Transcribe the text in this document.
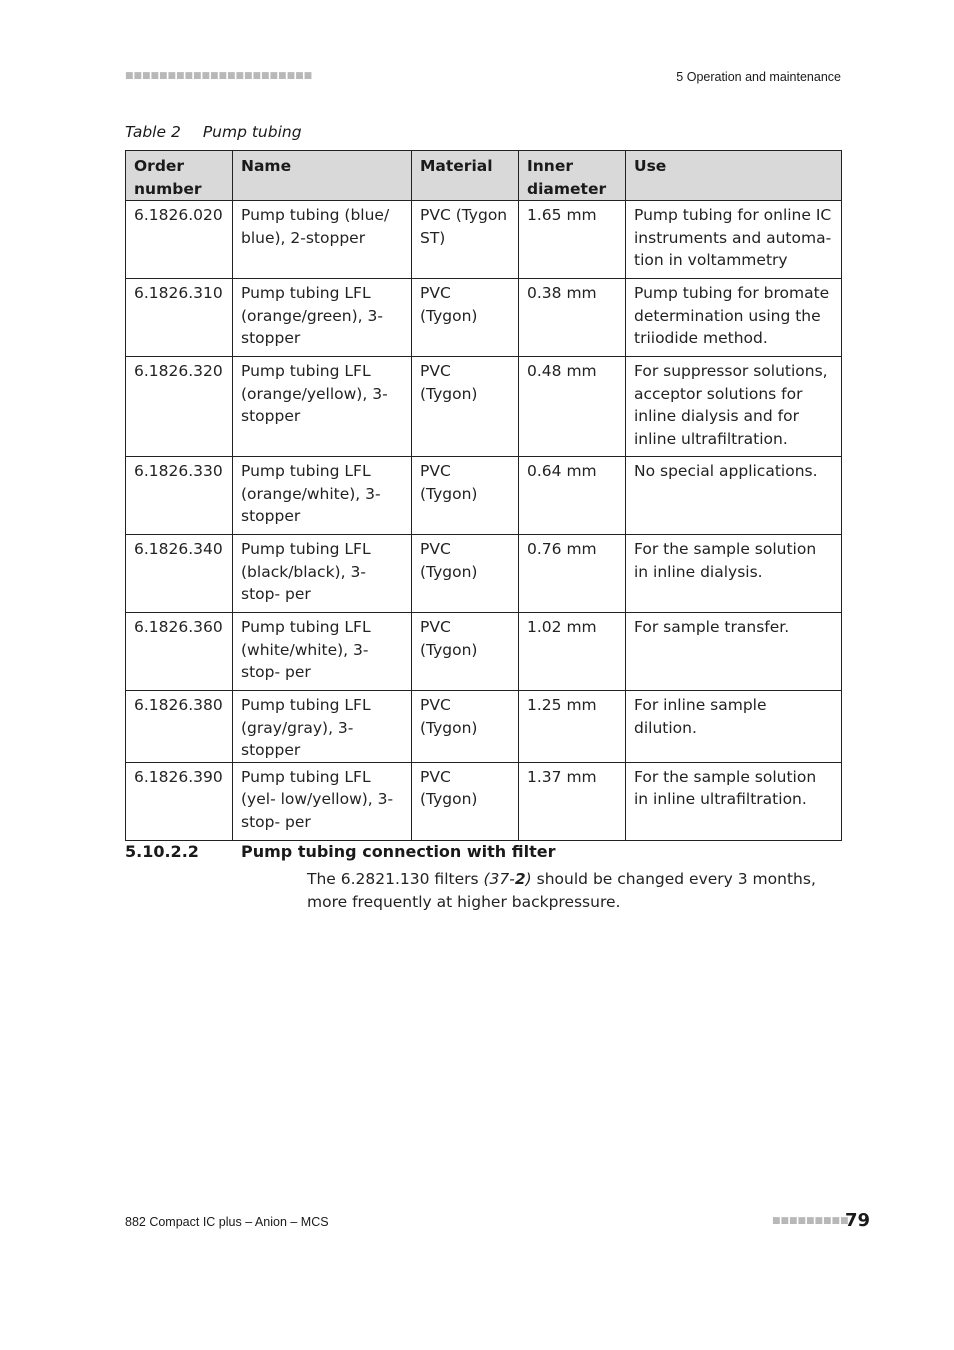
■■■■■■■■■■■■■■■■■■■■■■	5 Operation and maintenance
Table 2 Pump tubing
Order number	Name	Material	Inner diameter	Use
6.1826.020	Pump tubing (blue/ blue), 2-stopper	PVC (Tygon ST)	1.65 mm	Pump tubing for online IC instruments and automa- tion in voltammetry
6.1826.310	Pump tubing LFL (orange/green), 3- stopper	PVC (Tygon)	0.38 mm	Pump tubing for bromate determination using the triiodide method.
6.1826.320	Pump tubing LFL (orange/yellow), 3- stopper	PVC (Tygon)	0.48 mm	For suppressor solutions, acceptor solutions for inline dialysis and for inline ultrafiltration.
6.1826.330	Pump tubing LFL (orange/white), 3- stopper	PVC (Tygon)	0.64 mm	No special applications.
6.1826.340	Pump tubing LFL (black/black), 3-stop- per	PVC (Tygon)	0.76 mm	For the sample solution in inline dialysis.
6.1826.360	Pump tubing LFL (white/white), 3-stop- per	PVC (Tygon)	1.02 mm	For sample transfer.
6.1826.380	Pump tubing LFL (gray/gray), 3-stopper	PVC (Tygon)	1.25 mm	For inline sample dilution.
6.1826.390	Pump tubing LFL (yel- low/yellow), 3-stop- per	PVC (Tygon)	1.37 mm	For the sample solution in inline ultrafiltration.
5.10.2.2	Pump tubing connection with filter
The 6.2821.130 filters (37-2) should be changed every 3 months, more frequently at higher backpressure.
882 Compact IC plus – Anion – MCS	■■■■■■■■■
79
